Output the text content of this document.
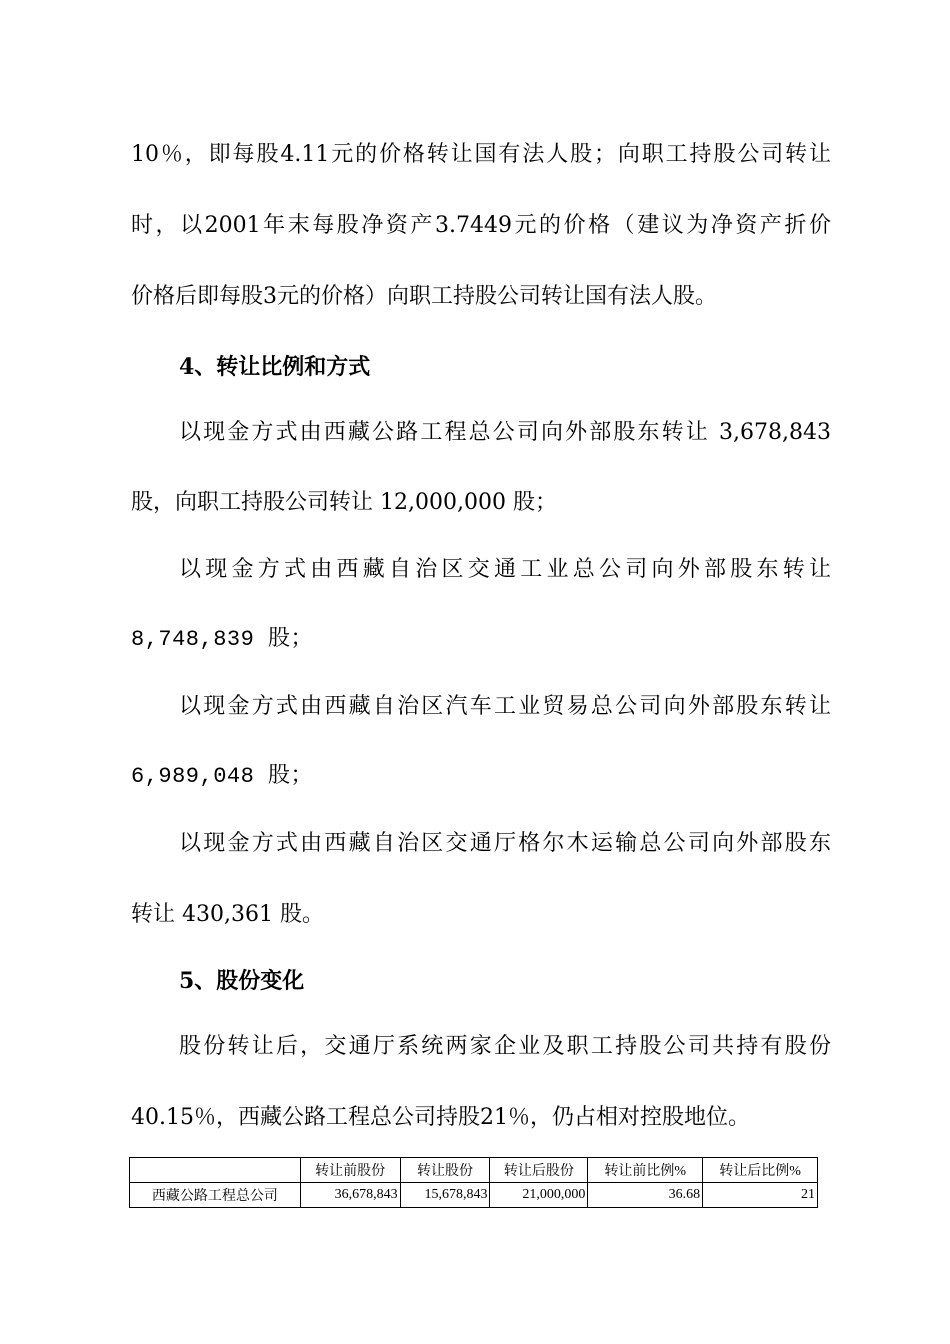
10％，即每股4.11元的价格转让国有法人股；向职工持股公司转让
时，以2001年末每股净资产3.7449元的价格（建议为净资产折价
价格后即每股3元的价格）向职工持股公司转让国有法人股。
4、转让比例和方式
以现金方式由西藏公路工程总公司向外部股东转让 3,678,843
股，向职工持股公司转让 12,000,000 股；
以现金方式由西藏自治区交通工业总公司向外部股东转让
8,748,839 股；
以现金方式由西藏自治区汽车工业贸易总公司向外部股东转让
6,989,048 股；
以现金方式由西藏自治区交通厅格尔木运输总公司向外部股东
转让 430,361 股。
5、股份变化
股份转让后，交通厅系统两家企业及职工持股公司共持有股份
40.15％，西藏公路工程总公司持股21％，仍占相对控股地位。
	转让前股份	转让股份	转让后股份	转让前比例%	转让后比例%
西藏公路工程总公司	36,678,843	15,678,843	21,000,000	36.68	21
